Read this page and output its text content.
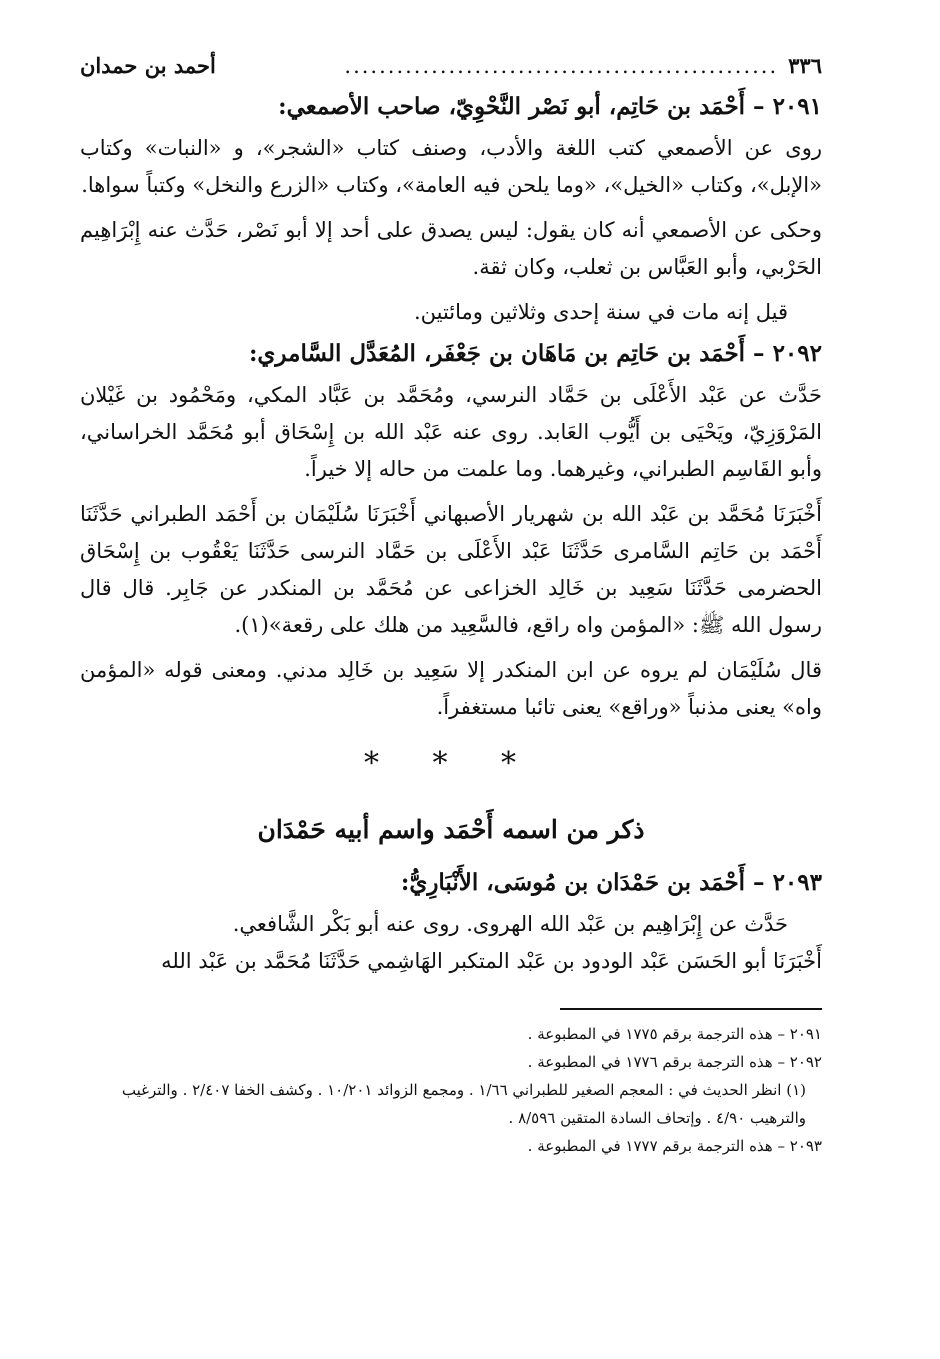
٣٣٦
..................................................
أحمد بن حمدان
٢٠٩١ – أَحْمَد بن حَاتِم، أبو نَصْر النَّحْوِيّ، صاحب الأصمعي:

روى عن الأصمعي كتب اللغة والأدب، وصنف كتاب «الشجر»، و «النبات» وكتاب «الإبل»، وكتاب «الخيل»، «وما يلحن فيه العامة»، وكتاب «الزرع والنخل» وكتباً سواها.

وحكى عن الأصمعي أنه كان يقول: ليس يصدق على أحد إلا أبو نَصْر، حَدَّث عنه إِبْرَاهِيم الحَرْبي، وأبو العَبَّاس بن ثعلب، وكان ثقة.

قيل إنه مات في سنة إحدى وثلاثين ومائتين.

٢٠٩٢ – أَحْمَد بن حَاتِم بن مَاهَان بن جَعْفَر، المُعَدَّل السَّامري:

حَدَّث عن عَبْد الأَعْلَى بن حَمَّاد النرسي، ومُحَمَّد بن عَبَّاد المكي، ومَحْمُود بن غَيْلان المَرْوَزِيّ، ويَحْيَى بن أَيُّوب العَابد. روى عنه عَبْد الله بن إِسْحَاق أبو مُحَمَّد الخراساني، وأبو القَاسِم الطبراني، وغيرهما. وما علمت من حاله إلا خيراً.

أَخْبَرَنَا مُحَمَّد بن عَبْد الله بن شهريار الأصبهاني أَخْبَرَنَا سُلَيْمَان بن أَحْمَد الطبراني حَدَّثَنَا أَحْمَد بن حَاتِم السَّامرى حَدَّثَنَا عَبْد الأَعْلَى بن حَمَّاد النرسى حَدَّثَنَا يَعْقُوب بن إِسْحَاق الحضرمى حَدَّثَنَا سَعِيد بن خَالِد الخزاعى عن مُحَمَّد بن المنكدر عن جَابِر. قال قال رسول الله ﷺ: «المؤمن واه راقع، فالسَّعِيد من هلك على رقعة»(١).

قال سُلَيْمَان لم يروه عن ابن المنكدر إلا سَعِيد بن خَالِد مدني. ومعنى قوله «المؤمن واه» يعنى مذنباً «وراقع» يعنى تائبا مستغفراً.

* * *
ذكر من اسمه أَحْمَد واسم أبيه حَمْدَان
٢٠٩٣ – أَحْمَد بن حَمْدَان بن مُوسَى، الأَنْبَارِيُّ:

حَدَّث عن إِبْرَاهِيم بن عَبْد الله الهروى. روى عنه أبو بَكْر الشَّافعي.

أَخْبَرَنَا أبو الحَسَن عَبْد الودود بن عَبْد المتكبر الهَاشِمي حَدَّثَنَا مُحَمَّد بن عَبْد الله

٢٠٩١ – هذه الترجمة برقم ١٧٧٥ في المطبوعة .
٢٠٩٢ – هذه الترجمة برقم ١٧٧٦ في المطبوعة .
(١) انظر الحديث في : المعجم الصغير للطبراني ١/٦٦ . ومجمع الزوائد ١٠/٢٠١ . وكشف الخفا ٢/٤٠٧ . والترغيب والترهيب ٤/٩٠ . وإتحاف السادة المتقين ٨/٥٩٦ .
٢٠٩٣ – هذه الترجمة برقم ١٧٧٧ في المطبوعة .
